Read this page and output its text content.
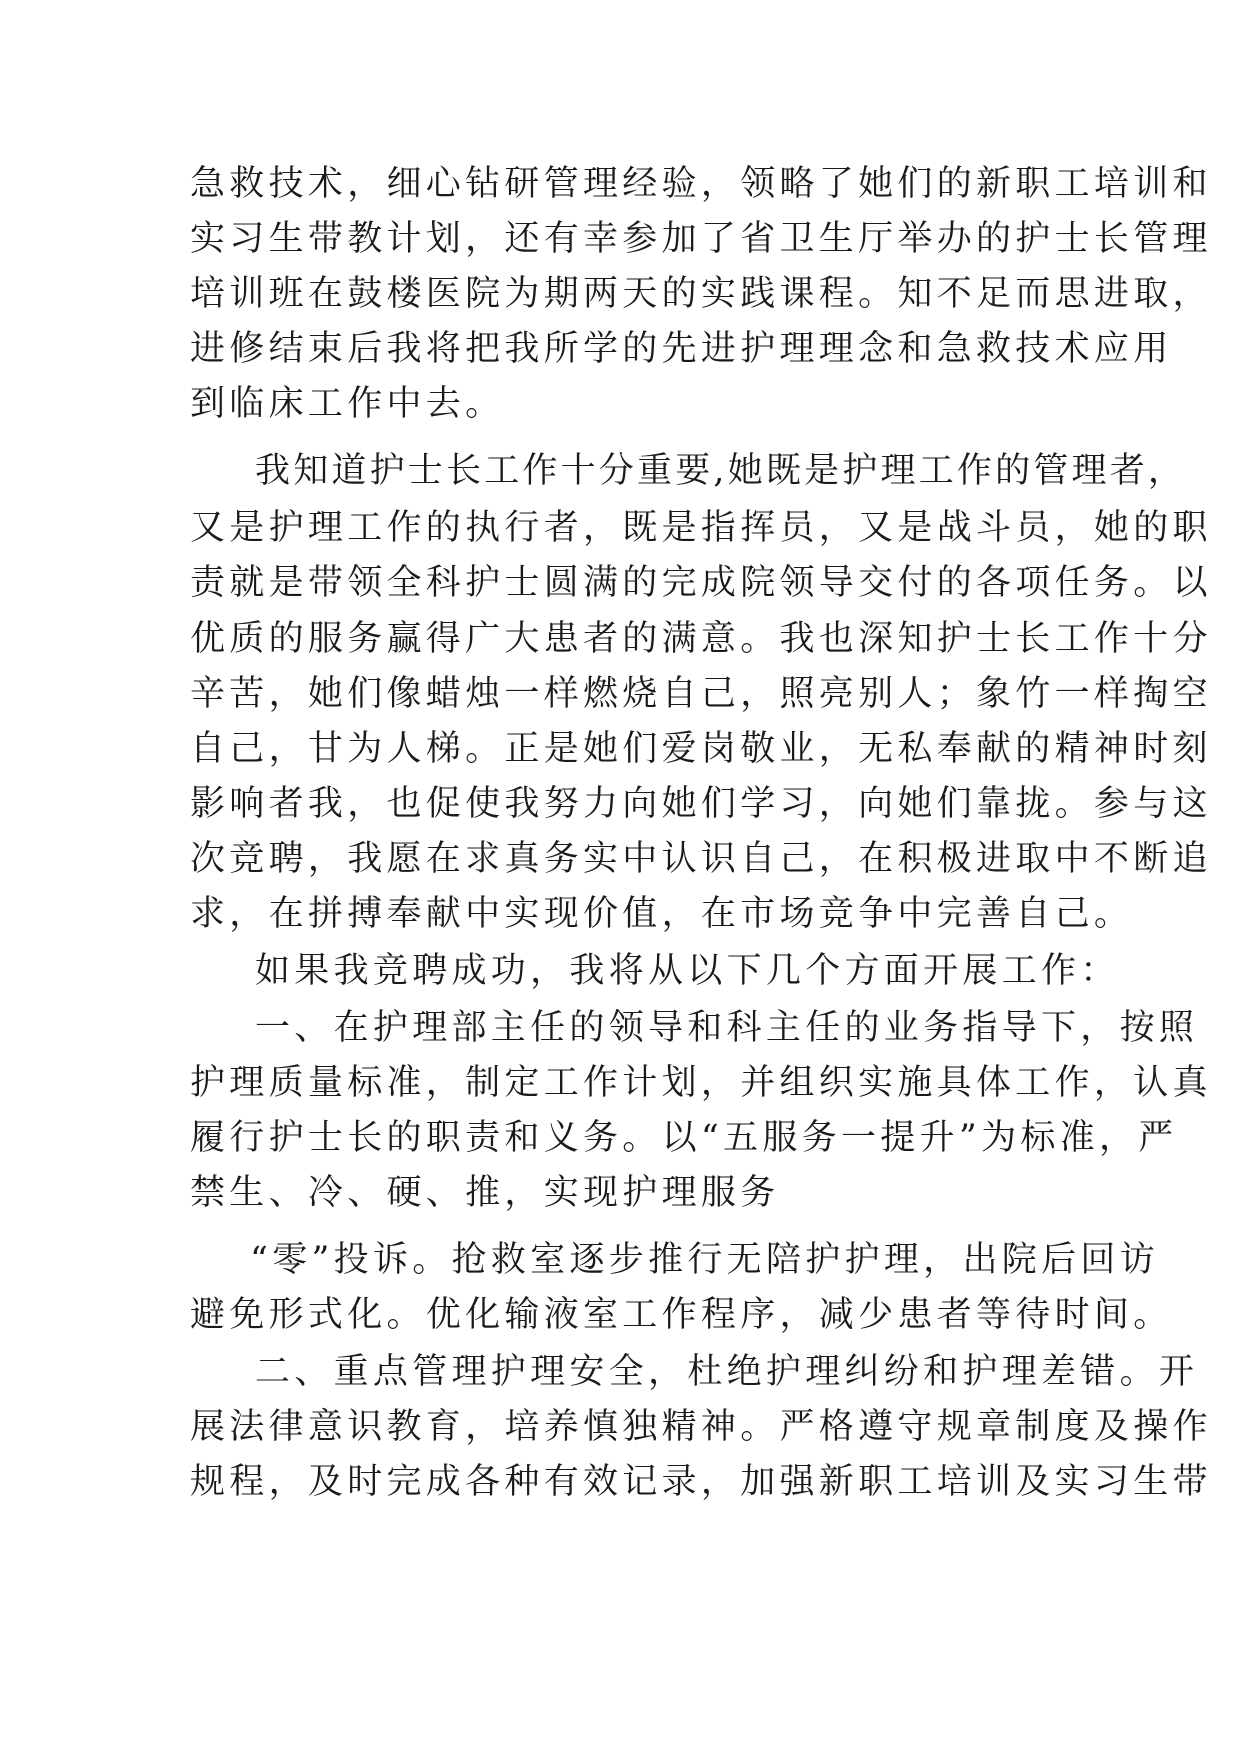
急救技术，细心钻研管理经验，领略了她们的新职工培训和
实习生带教计划，还有幸参加了省卫生厅举办的护士长管理
培训班在鼓楼医院为期两天的实践课程。知不足而思进取，
进修结束后我将把我所学的先进护理理念和急救技术应用
到临床工作中去。
我知道护士长工作十分重要,她既是护理工作的管理者，
又是护理工作的执行者，既是指挥员，又是战斗员，她的职
责就是带领全科护士圆满的完成院领导交付的各项任务。以
优质的服务赢得广大患者的满意。我也深知护士长工作十分
辛苦，她们像蜡烛一样燃烧自己，照亮别人；象竹一样掏空
自己，甘为人梯。正是她们爱岗敬业，无私奉献的精神时刻
影响者我，也促使我努力向她们学习，向她们靠拢。参与这
次竞聘，我愿在求真务实中认识自己，在积极进取中不断追
求，在拼搏奉献中实现价值，在市场竞争中完善自己。
如果我竞聘成功，我将从以下几个方面开展工作：
一、在护理部主任的领导和科主任的业务指导下，按照
护理质量标准，制定工作计划，并组织实施具体工作，认真
履行护士长的职责和义务。以“五服务一提升”为标准，严
禁生、冷、硬、推，实现护理服务
“零”投诉。抢救室逐步推行无陪护护理，出院后回访
避免形式化。优化输液室工作程序，减少患者等待时间。
二、重点管理护理安全，杜绝护理纠纷和护理差错。开
展法律意识教育，培养慎独精神。严格遵守规章制度及操作
规程，及时完成各种有效记录，加强新职工培训及实习生带
